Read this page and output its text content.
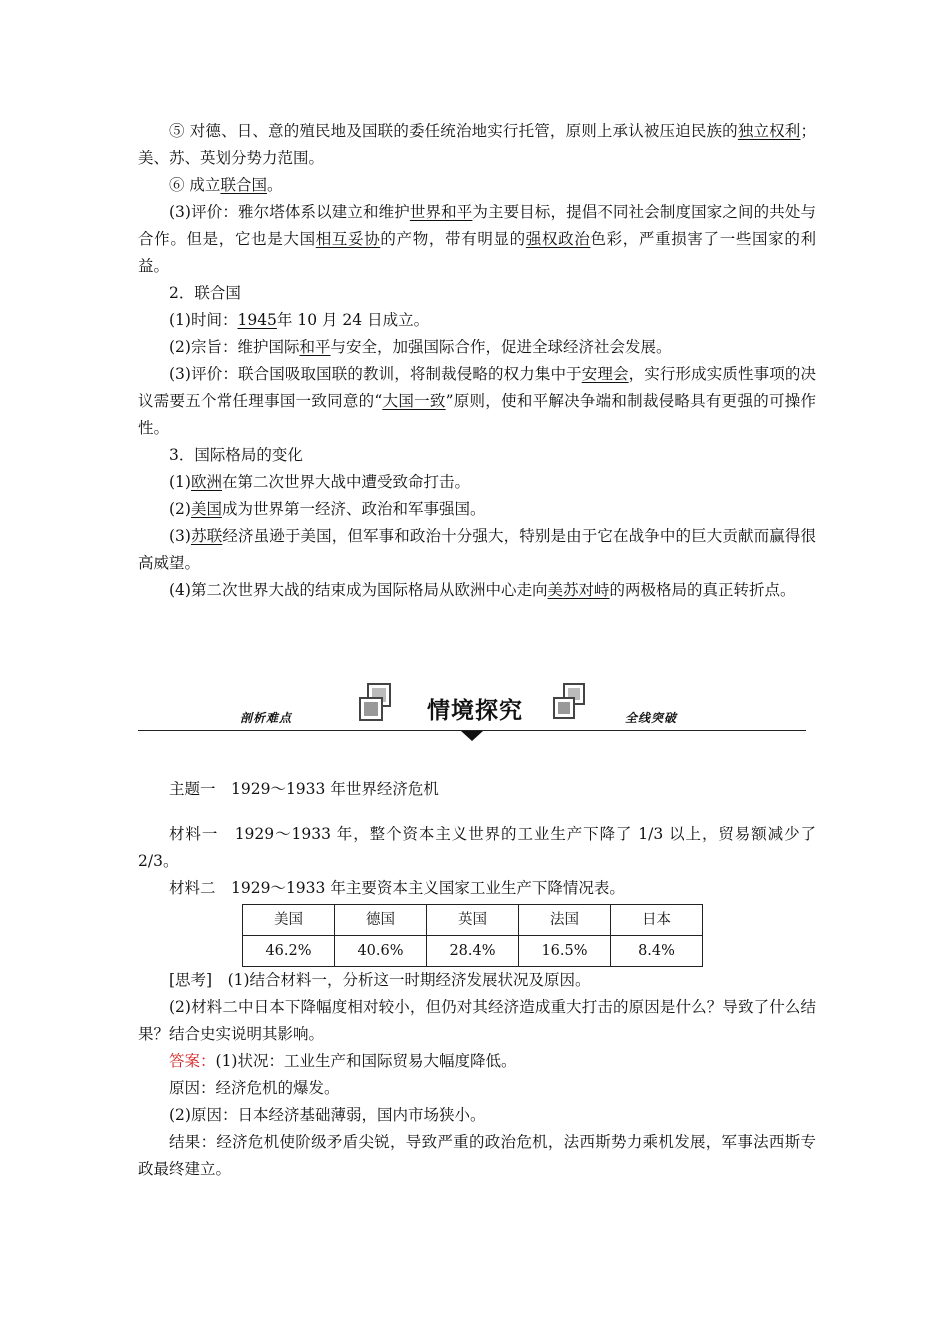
⑤ 对德、日、意的殖民地及国联的委任统治地实行托管，原则上承认被压迫民族的独立权利；美、苏、英划分势力范围。

⑥ 成立联合国。

(3)评价：雅尔塔体系以建立和维护世界和平为主要目标，提倡不同社会制度国家之间的共处与合作。但是，它也是大国相互妥协的产物，带有明显的强权政治色彩，严重损害了一些国家的利益。

2．联合国

(1)时间：1945年 10 月 24 日成立。

(2)宗旨：维护国际和平与安全，加强国际合作，促进全球经济社会发展。

(3)评价：联合国吸取国联的教训，将制裁侵略的权力集中于安理会，实行形成实质性事项的决议需要五个常任理事国一致同意的“大国一致”原则，使和平解决争端和制裁侵略具有更强的可操作性。

3．国际格局的变化

(1)欧洲在第二次世界大战中遭受致命打击。

(2)美国成为世界第一经济、政治和军事强国。

(3)苏联经济虽逊于美国，但军事和政治十分强大，特别是由于它在战争中的巨大贡献而赢得很高威望。

(4)第二次世界大战的结束成为国际格局从欧洲中心走向美苏对峙的两极格局的真正转折点。

情境探究
剖析难点	全线突破

主题一　1929～1933 年世界经济危机

材料一　1929～1933 年，整个资本主义世界的工业生产下降了 1/3 以上，贸易额减少了 2/3。

材料二　1929～1933 年主要资本主义国家工业生产下降情况表。

美国	德国	英国	法国	日本
46.2%	40.6%	28.4%	16.5%	8.4%

[思考]　(1)结合材料一，分析这一时期经济发展状况及原因。

(2)材料二中日本下降幅度相对较小，但仍对其经济造成重大打击的原因是什么？导致了什么结果？结合史实说明其影响。

答案：(1)状况：工业生产和国际贸易大幅度降低。

原因：经济危机的爆发。

(2)原因：日本经济基础薄弱，国内市场狭小。

结果：经济危机使阶级矛盾尖锐，导致严重的政治危机，法西斯势力乘机发展，军事法西斯专政最终建立。
